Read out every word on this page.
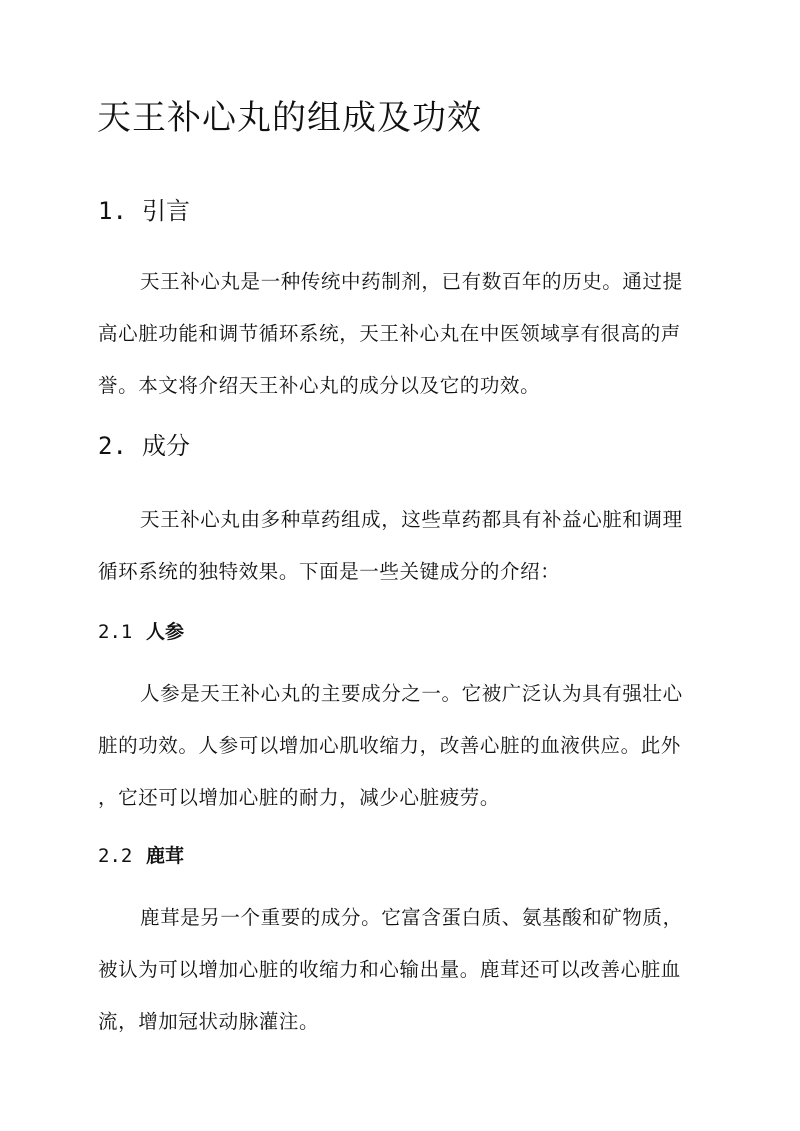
天王补心丸的组成及功效
1. 引言
天王补心丸是一种传统中药制剂，已有数百年的历史。通过提
高心脏功能和调节循环系统，天王补心丸在中医领域享有很高的声
誉。本文将介绍天王补心丸的成分以及它的功效。
2. 成分
天王补心丸由多种草药组成，这些草药都具有补益心脏和调理
循环系统的独特效果。下面是一些关键成分的介绍：
2.1 人参
人参是天王补心丸的主要成分之一。它被广泛认为具有强壮心
脏的功效。人参可以增加心肌收缩力，改善心脏的血液供应。此外
，它还可以增加心脏的耐力，减少心脏疲劳。
2.2 鹿茸
鹿茸是另一个重要的成分。它富含蛋白质、氨基酸和矿物质，
被认为可以增加心脏的收缩力和心输出量。鹿茸还可以改善心脏血
流，增加冠状动脉灌注。
